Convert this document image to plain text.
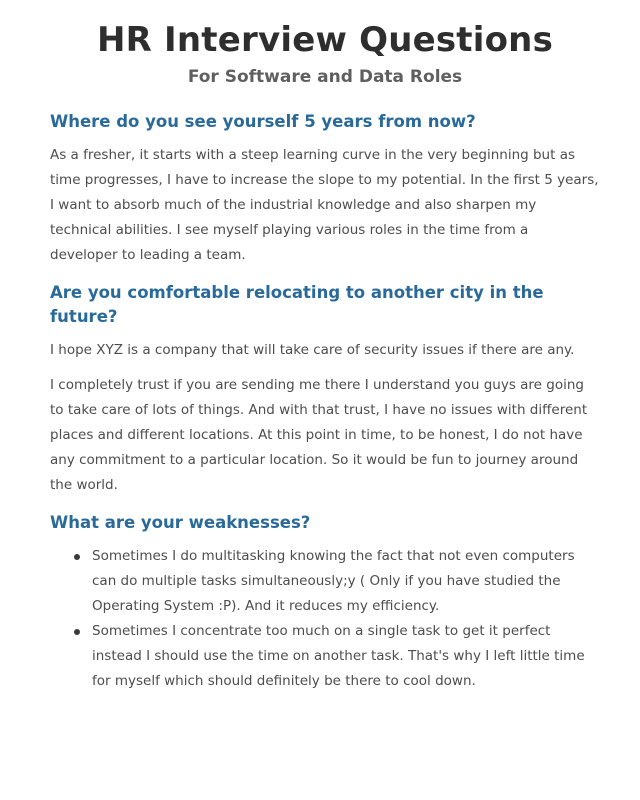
HR Interview Questions
For Software and Data Roles
Where do you see yourself 5 years from now?

As a fresher, it starts with a steep learning curve in the very beginning but as time progresses, I have to increase the slope to my potential. In the first 5 years, I want to absorb much of the industrial knowledge and also sharpen my technical abilities. I see myself playing various roles in the time from a developer to leading a team.

Are you comfortable relocating to another city in the future?

I hope XYZ is a company that will take care of security issues if there are any.

I completely trust if you are sending me there I understand you guys are going to take care of lots of things. And with that trust, I have no issues with different places and different locations. At this point in time, to be honest, I do not have any commitment to a particular location. So it would be fun to journey around the world.

What are your weaknesses?
Sometimes I do multitasking knowing the fact that not even computers can do multiple tasks simultaneously;y ( Only if you have studied the Operating System :P). And it reduces my efficiency.
Sometimes I concentrate too much on a single task to get it perfect instead I should use the time on another task. That's why I left little time for myself which should definitely be there to cool down.
